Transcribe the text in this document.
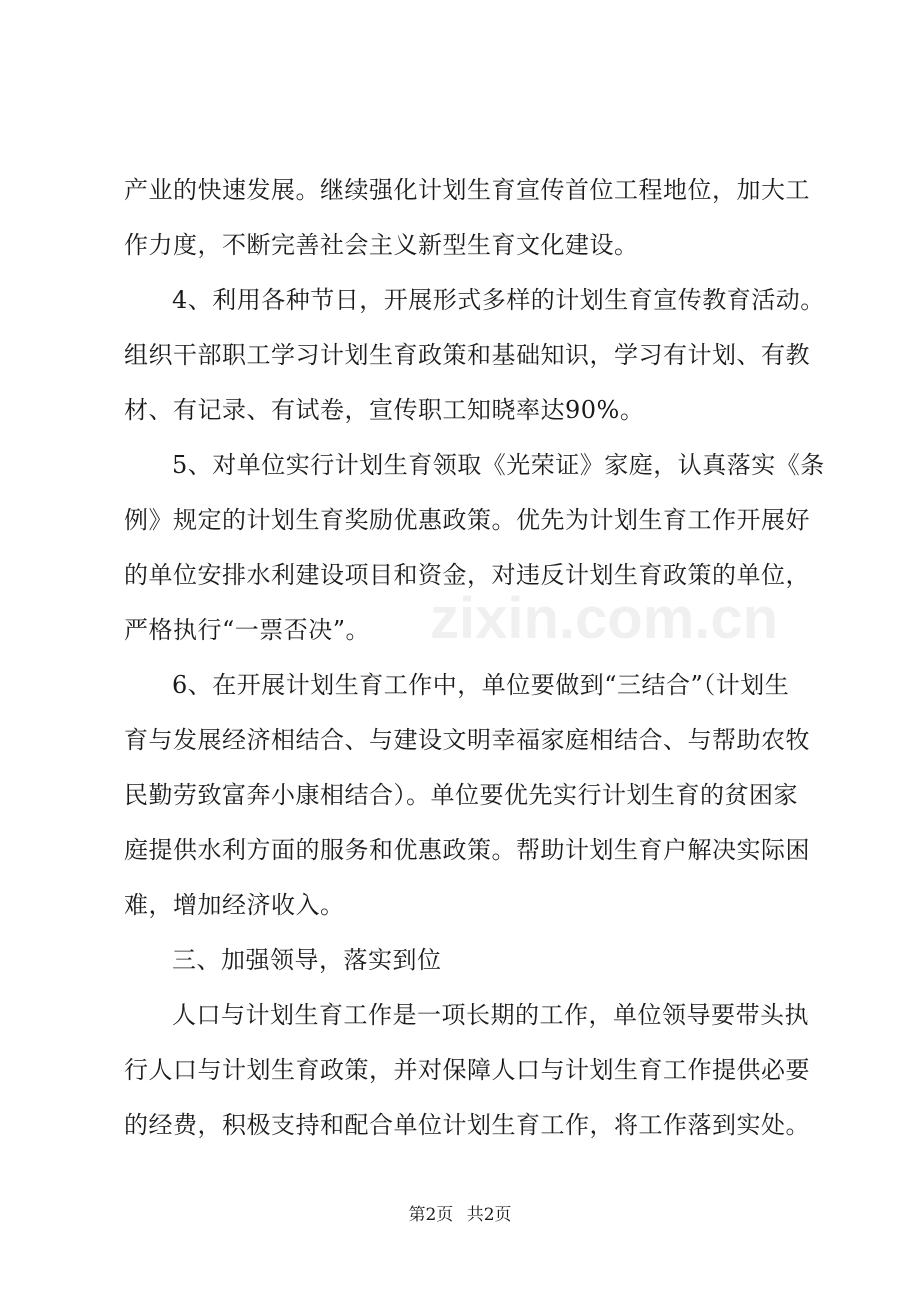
产业的快速发展。继续强化计划生育宣传首位工程地位，加大工
作力度，不断完善社会主义新型生育文化建设。
4、利用各种节日，开展形式多样的计划生育宣传教育活动。
组织干部职工学习计划生育政策和基础知识，学习有计划、有教
材、有记录、有试卷，宣传职工知晓率达90%。
5、对单位实行计划生育领取《光荣证》家庭，认真落实《条
例》规定的计划生育奖励优惠政策。优先为计划生育工作开展好
的单位安排水利建设项目和资金，对违反计划生育政策的单位，
严格执行“一票否决”。
6、在开展计划生育工作中，单位要做到“三结合”（计划生
育与发展经济相结合、与建设文明幸福家庭相结合、与帮助农牧
民勤劳致富奔小康相结合）。单位要优先实行计划生育的贫困家
庭提供水利方面的服务和优惠政策。帮助计划生育户解决实际困
难，增加经济收入。
三、加强领导，落实到位
人口与计划生育工作是一项长期的工作，单位领导要带头执
行人口与计划生育政策，并对保障人口与计划生育工作提供必要
的经费，积极支持和配合单位计划生育工作，将工作落到实处。
zixin.com.cn
第2页 共2页
